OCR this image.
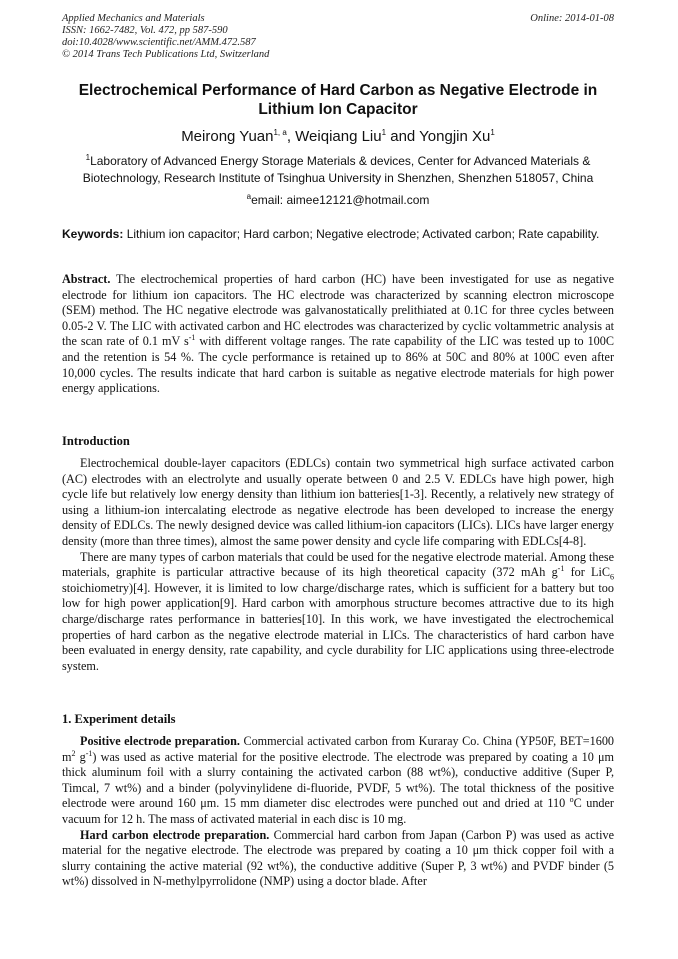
Applied Mechanics and Materials
ISSN: 1662-7482, Vol. 472, pp 587-590
doi:10.4028/www.scientific.net/AMM.472.587
© 2014 Trans Tech Publications Ltd, Switzerland
Online: 2014-01-08
Electrochemical Performance of Hard Carbon as Negative Electrode in Lithium Ion Capacitor
Meirong Yuan$^{1, a}$, Weiqiang Liu$^1$ and Yongjin Xu$^1$
$^1$Laboratory of Advanced Energy Storage Materials & devices, Center for Advanced Materials & Biotechnology, Research Institute of Tsinghua University in Shenzhen, Shenzhen 518057, China
$^a$email: aimee12121@hotmail.com
Keywords: Lithium ion capacitor; Hard carbon; Negative electrode; Activated carbon; Rate capability.

Abstract. The electrochemical properties of hard carbon (HC) have been investigated for use as negative electrode for lithium ion capacitors. The HC electrode was characterized by scanning electron microscope (SEM) method. The HC negative electrode was galvanostatically prelithiated at 0.1C for three cycles between 0.05-2 V. The LIC with activated carbon and HC electrodes was characterized by cyclic voltammetric analysis at the scan rate of 0.1 mV $s^{-1}$ with different voltage ranges. The rate capability of the LIC was tested up to 100C and the retention is 54 %. The cycle performance is retained up to 86% at 50C and 80% at 100C even after 10,000 cycles. The results indicate that hard carbon is suitable as negative electrode materials for high power energy applications.

Introduction

Electrochemical double-layer capacitors (EDLCs) contain two symmetrical high surface activated carbon (AC) electrodes with an electrolyte and usually operate between 0 and 2.5 V. EDLCs have high power, high cycle life but relatively low energy density than lithium ion batteries[1-3]. Recently, a relatively new strategy of using a lithium-ion intercalating electrode as negative electrode has been developed to increase the energy density of EDLCs. The newly designed device was called lithium-ion capacitors (LICs). LICs have larger energy density (more than three times), almost the same power density and cycle life comparing with EDLCs[4-8].

There are many types of carbon materials that could be used for the negative electrode material. Among these materials, graphite is particular attractive because of its high theoretical capacity (372 mAh $g^{-1}$ for LiC$_6$ stoichiometry)[4]. However, it is limited to low charge/discharge rates, which is sufficient for a battery but too low for high power application[9]. Hard carbon with amorphous structure becomes attractive due to its high charge/discharge rates performance in batteries[10]. In this work, we have investigated the electrochemical properties of hard carbon as the negative electrode material in LICs. The characteristics of hard carbon have been evaluated in energy density, rate capability, and cycle durability for LIC applications using three-electrode system.

1. Experiment details

Positive electrode preparation. Commercial activated carbon from Kuraray Co. China (YP50F, BET=1600 $m^2$ $g^{-1}$) was used as active material for the positive electrode. The electrode was prepared by coating a 10 μm thick aluminum foil with a slurry containing the activated carbon (88 wt%), conductive additive (Super P, Timcal, 7 wt%) and a binder (polyvinylidene di-fluoride, PVDF, 5 wt%). The total thickness of the positive electrode were around 160 μm. 15 mm diameter disc electrodes were punched out and dried at 110 $^o$C under vacuum for 12 h. The mass of activated material in each disc is 10 mg.

Hard carbon electrode preparation. Commercial hard carbon from Japan (Carbon P) was used as active material for the negative electrode. The electrode was prepared by coating a 10 μm thick copper foil with a slurry containing the active material (92 wt%), the conductive additive (Super P, 3 wt%) and PVDF binder (5 wt%) dissolved in N-methylpyrrolidone (NMP) using a doctor blade. After
